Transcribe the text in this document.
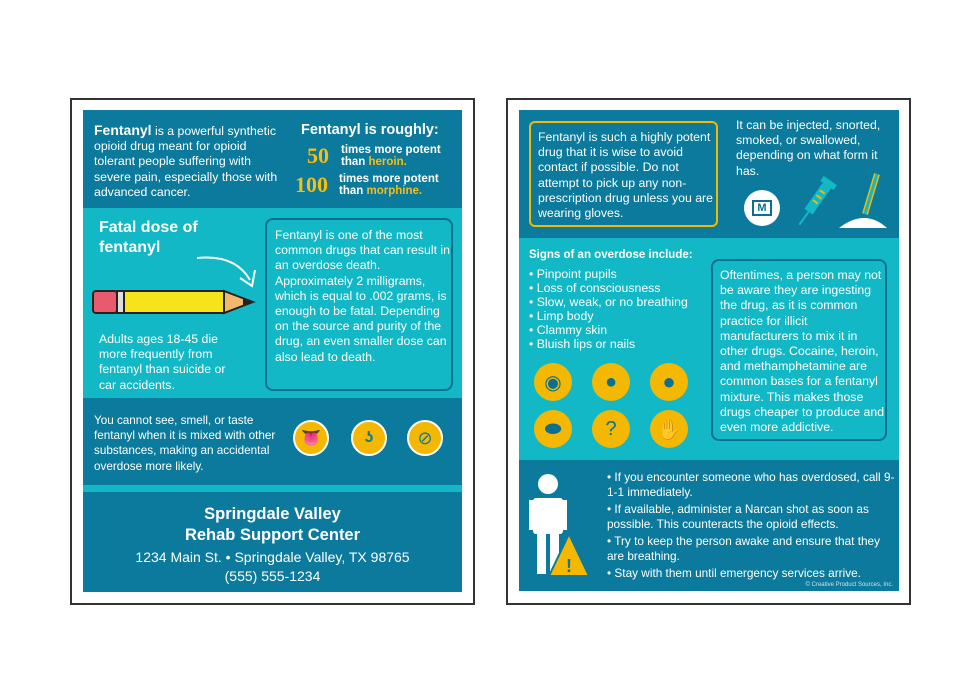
Fentanyl is a powerful synthetic opioid drug meant for opioid tolerant people suffering with severe pain, especially those with advanced cancer.
Fentanyl is roughly:
50	times more potent
than heroin.
100 times more potent
than morphine.
Fatal dose of fentanyl
Adults ages 18-45 die more frequently from fentanyl than suicide or car accidents.
Fentanyl is one of the most common drugs that can result in an overdose death. Approximately 2 milligrams, which is equal to .002 grams, is enough to be fatal. Depending on the source and purity of the drug, an even smaller dose can also lead to death.
You cannot see, smell, or taste fentanyl when it is mixed with other substances, making an accidental overdose more likely.
👅	ʖ ⊘
Springdale Valley
Rehab Support Center
1234 Main St. • Springdale Valley, TX 98765
(555) 555-1234
Fentanyl is such a highly potent drug that it is wise to avoid contact if possible. Do not attempt to pick up any non-prescription drug unless you are wearing gloves.
It can be injected, snorted, smoked, or swallowed, depending on what form it has.
M
Signs of an overdose include:
• Pinpoint pupils
• Loss of consciousness
• Slow, weak, or no breathing
• Limp body
• Clammy skin
• Bluish lips or nails
◉ ● ●
⬬ ? ✋
Oftentimes, a person may not be aware they are ingesting the drug, as it is common practice for illicit manufacturers to mix it in other drugs. Cocaine, heroin, and methamphetamine are common bases for a fentanyl mixture. This makes those drugs cheaper to produce and even more addictive.
!
• If you encounter someone who has overdosed, call 9-1-1 immediately.
• If available, administer a Narcan shot as soon as possible. This counteracts the opioid effects.
• Try to keep the person awake and ensure that they are breathing.
• Stay with them until emergency services arrive.
© Creative Product Sources, Inc.
